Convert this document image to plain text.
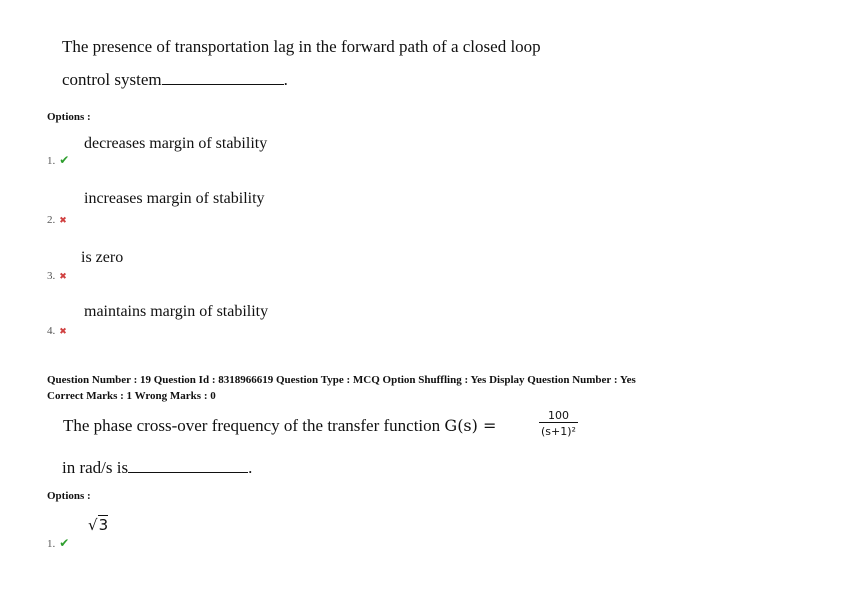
The presence of transportation lag in the forward path of a closed loop
control system	.
Options :
decreases margin of stability
1. ✔
increases margin of stability
2. ✖
is zero
3. ✖
maintains margin of stability
4. ✖
Question Number : 19 Question Id : 8318966619 Question Type : MCQ Option Shuffling : Yes Display Question Number : Yes
Correct Marks : 1 Wrong Marks : 0
The phase cross-over frequency of the transfer function G(s) =	$\frac{100}{\text{(s+1)²}}$
in rad/s is	.
Options :
√3
1. ✔
